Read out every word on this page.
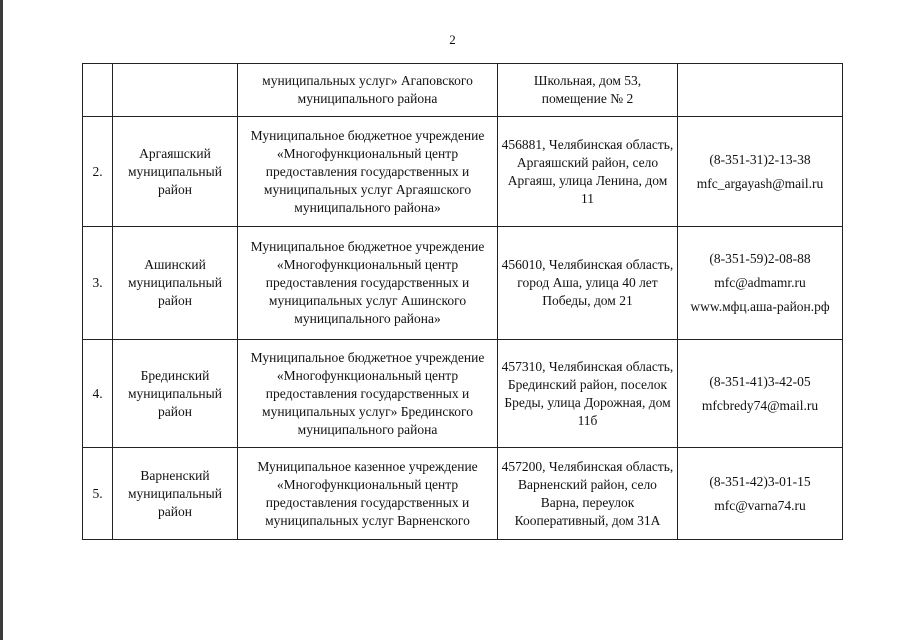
2

		муниципальных услуг» Агаповского муниципального района	Школьная, дом 53, помещение № 2	

2.	Аргаяшский муниципальный район	Муниципальное бюджетное учреждение «Многофункциональный центр предоставления государственных и муниципальных услуг Аргаяшского муниципального района»	456881, Челябинская область, Аргаяшский район, село Аргаяш, улица Ленина, дом 11	(8-351-31)2-13-38
mfc_argayash@mail.ru

3.	Ашинский муниципальный район	Муниципальное бюджетное учреждение «Многофункциональный центр предоставления государственных и муниципальных услуг Ашинского муниципального района»	456010, Челябинская область, город Аша, улица 40 лет Победы, дом 21	(8-351-59)2-08-88
mfc@admamr.ru
www.мфц.аша-район.рф

4.	Брединский муниципальный район	Муниципальное бюджетное учреждение «Многофункциональный центр предоставления государственных и муниципальных услуг» Брединского муниципального района	457310, Челябинская область, Брединский район, поселок Бреды, улица Дорожная, дом 11б	(8-351-41)3-42-05
mfcbredy74@mail.ru

5.	Варненский муниципальный район	Муниципальное казенное учреждение «Многофункциональный центр предоставления государственных и муниципальных услуг Варненского	457200, Челябинская область, Варненский район, село Варна, переулок Кооперативный, дом 31А	(8-351-42)3-01-15
mfc@varna74.ru
